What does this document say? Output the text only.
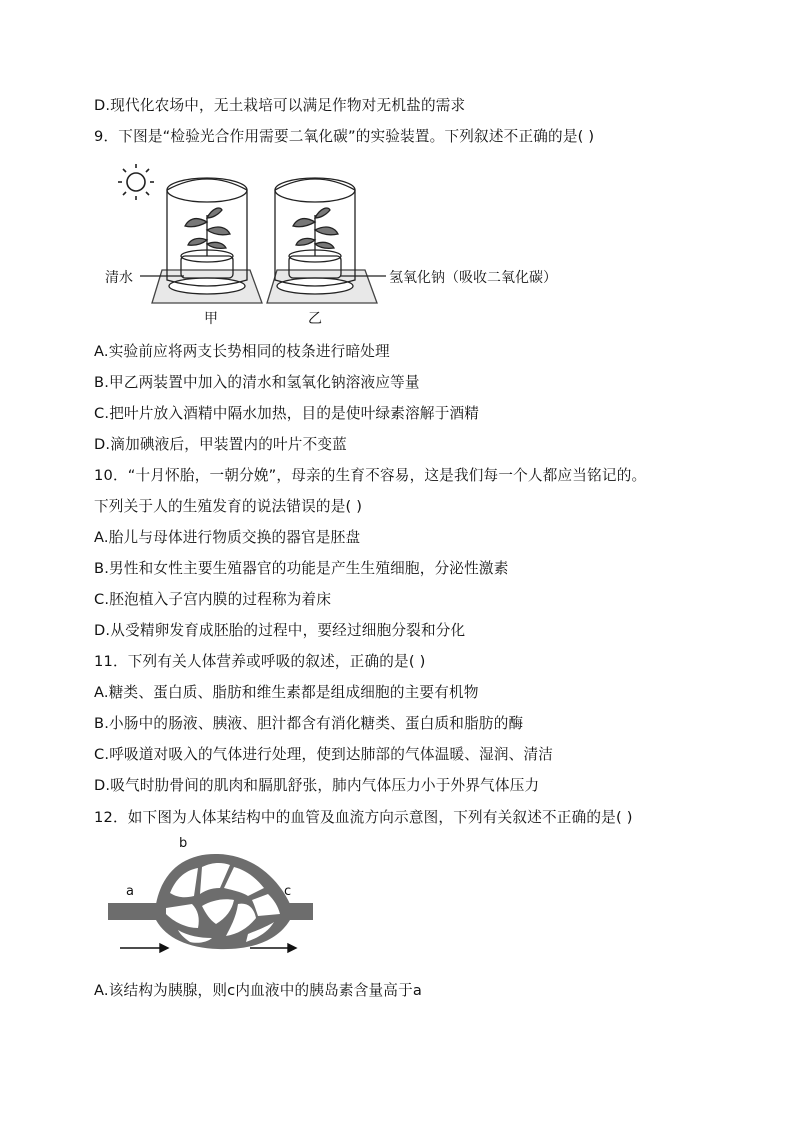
D.现代化农场中，无土栽培可以满足作物对无机盐的需求
9．下图是“检验光合作用需要二氧化碳”的实验装置。下列叙述不正确的是( )
清水	氢氧化钠（吸收二氧化碳）
甲	乙
A.实验前应将两支长势相同的枝条进行暗处理
B.甲乙两装置中加入的清水和氢氧化钠溶液应等量
C.把叶片放入酒精中隔水加热，目的是使叶绿素溶解于酒精
D.滴加碘液后，甲装置内的叶片不变蓝
10．“十月怀胎，一朝分娩”，母亲的生育不容易，这是我们每一个人都应当铭记的。
下列关于人的生殖发育的说法错误的是( )
A.胎儿与母体进行物质交换的器官是胚盘
B.男性和女性主要生殖器官的功能是产生生殖细胞，分泌性激素
C.胚泡植入子宫内膜的过程称为着床
D.从受精卵发育成胚胎的过程中，要经过细胞分裂和分化
11．下列有关人体营养或呼吸的叙述，正确的是( )
A.糖类、蛋白质、脂肪和维生素都是组成细胞的主要有机物
B.小肠中的肠液、胰液、胆汁都含有消化糖类、蛋白质和脂肪的酶
C.呼吸道对吸入的气体进行处理，使到达肺部的气体温暖、湿润、清洁
D.吸气时肋骨间的肌肉和膈肌舒张，肺内气体压力小于外界气体压力
12．如下图为人体某结构中的血管及血流方向示意图，下列有关叙述不正确的是( )
a
b
c
A.该结构为胰腺，则c内血液中的胰岛素含量高于a
